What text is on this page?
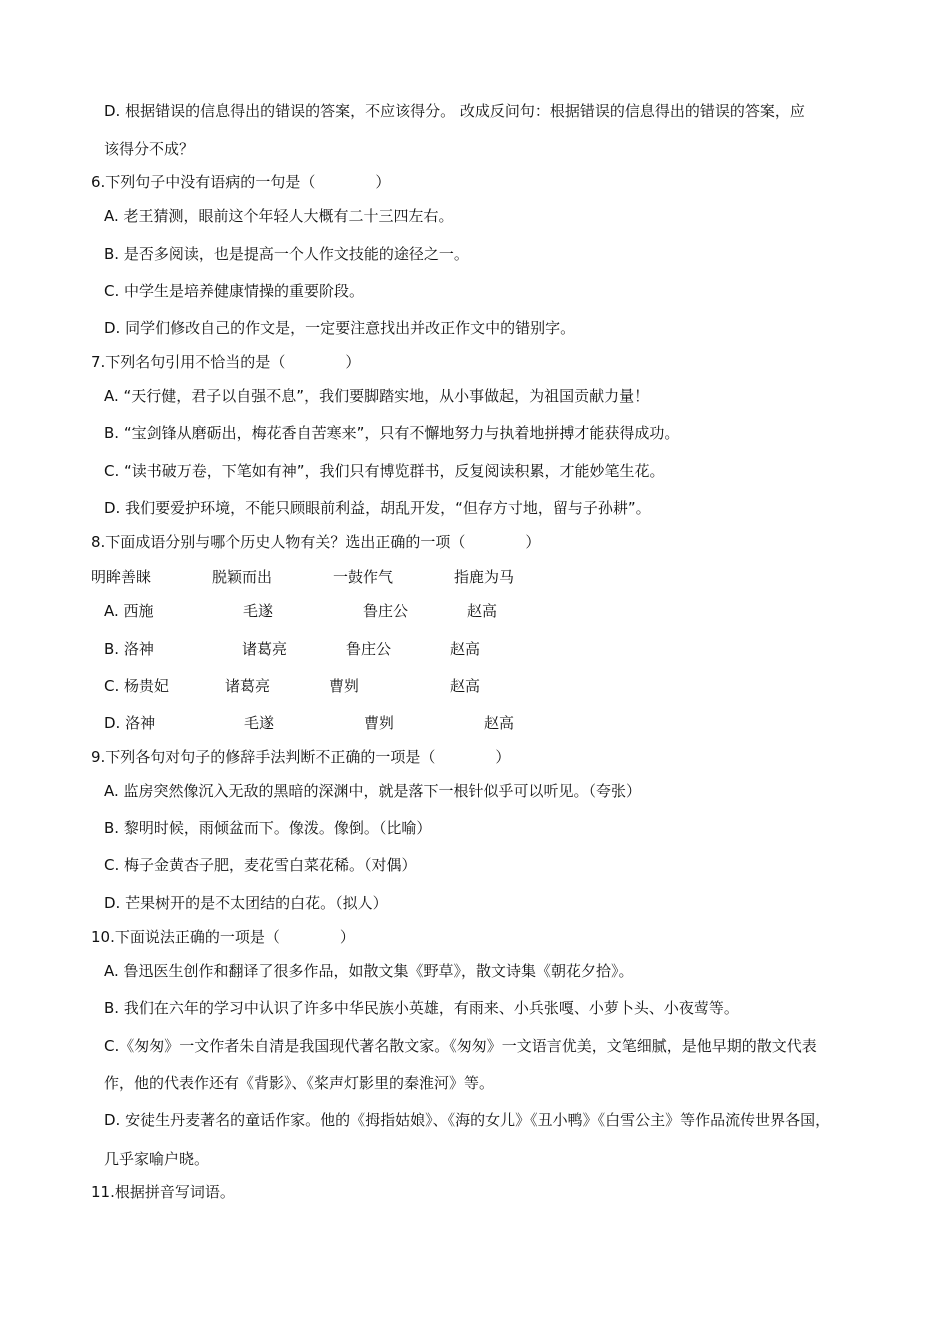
D. 根据错误的信息得出的错误的答案，不应该得分。 改成反问句：根据错误的信息得出的错误的答案，应
该得分不成？
6.下列句子中没有语病的一句是（　　　　）
A. 老王猜测，眼前这个年轻人大概有二十三四左右。
B. 是否多阅读，也是提高一个人作文技能的途径之一。
C. 中学生是培养健康情操的重要阶段。
D. 同学们修改自己的作文是，一定要注意找出并改正作文中的错别字。
7.下列名句引用不恰当的是（　　　　）
A. “天行健，君子以自强不息”，我们要脚踏实地，从小事做起，为祖国贡献力量！
B. “宝剑锋从磨砺出，梅花香自苦寒来”，只有不懈地努力与执着地拼搏才能获得成功。
C. “读书破万卷，下笔如有神”，我们只有博览群书，反复阅读积累，才能妙笔生花。
D. 我们要爱护环境，不能只顾眼前利益，胡乱开发，“但存方寸地，留与子孙耕”。
8.下面成语分别与哪个历史人物有关？选出正确的一项（　　　　）
明眸善睐	脱颖而出	一鼓作气	指鹿为马
A. 西施	毛遂	鲁庄公	赵高
B. 洛神	诸葛亮	鲁庄公	赵高
C. 杨贵妃	诸葛亮	曹刿	赵高
D. 洛神	毛遂	曹刿	赵高
9.下列各句对句子的修辞手法判断不正确的一项是（　　　　）
A. 监房突然像沉入无敌的黑暗的深渊中，就是落下一根针似乎可以听见。（夸张）
B. 黎明时候，雨倾盆而下。像泼。像倒。（比喻）
C. 梅子金黄杏子肥，麦花雪白菜花稀。（对偶）
D. 芒果树开的是不太团结的白花。（拟人）
10.下面说法正确的一项是（　　　　）
A. 鲁迅医生创作和翻译了很多作品，如散文集《野草》，散文诗集《朝花夕拾》。
B. 我们在六年的学习中认识了许多中华民族小英雄，有雨来、小兵张嘎、小萝卜头、小夜莺等。
C.《匆匆》一文作者朱自清是我国现代著名散文家。《匆匆》一文语言优美，文笔细腻，是他早期的散文代表
作，他的代表作还有《背影》、《桨声灯影里的秦淮河》等。
D. 安徒生丹麦著名的童话作家。他的《拇指姑娘》、《海的女儿》《丑小鸭》《白雪公主》等作品流传世界各国，
几乎家喻户晓。
11.根据拼音写词语。
